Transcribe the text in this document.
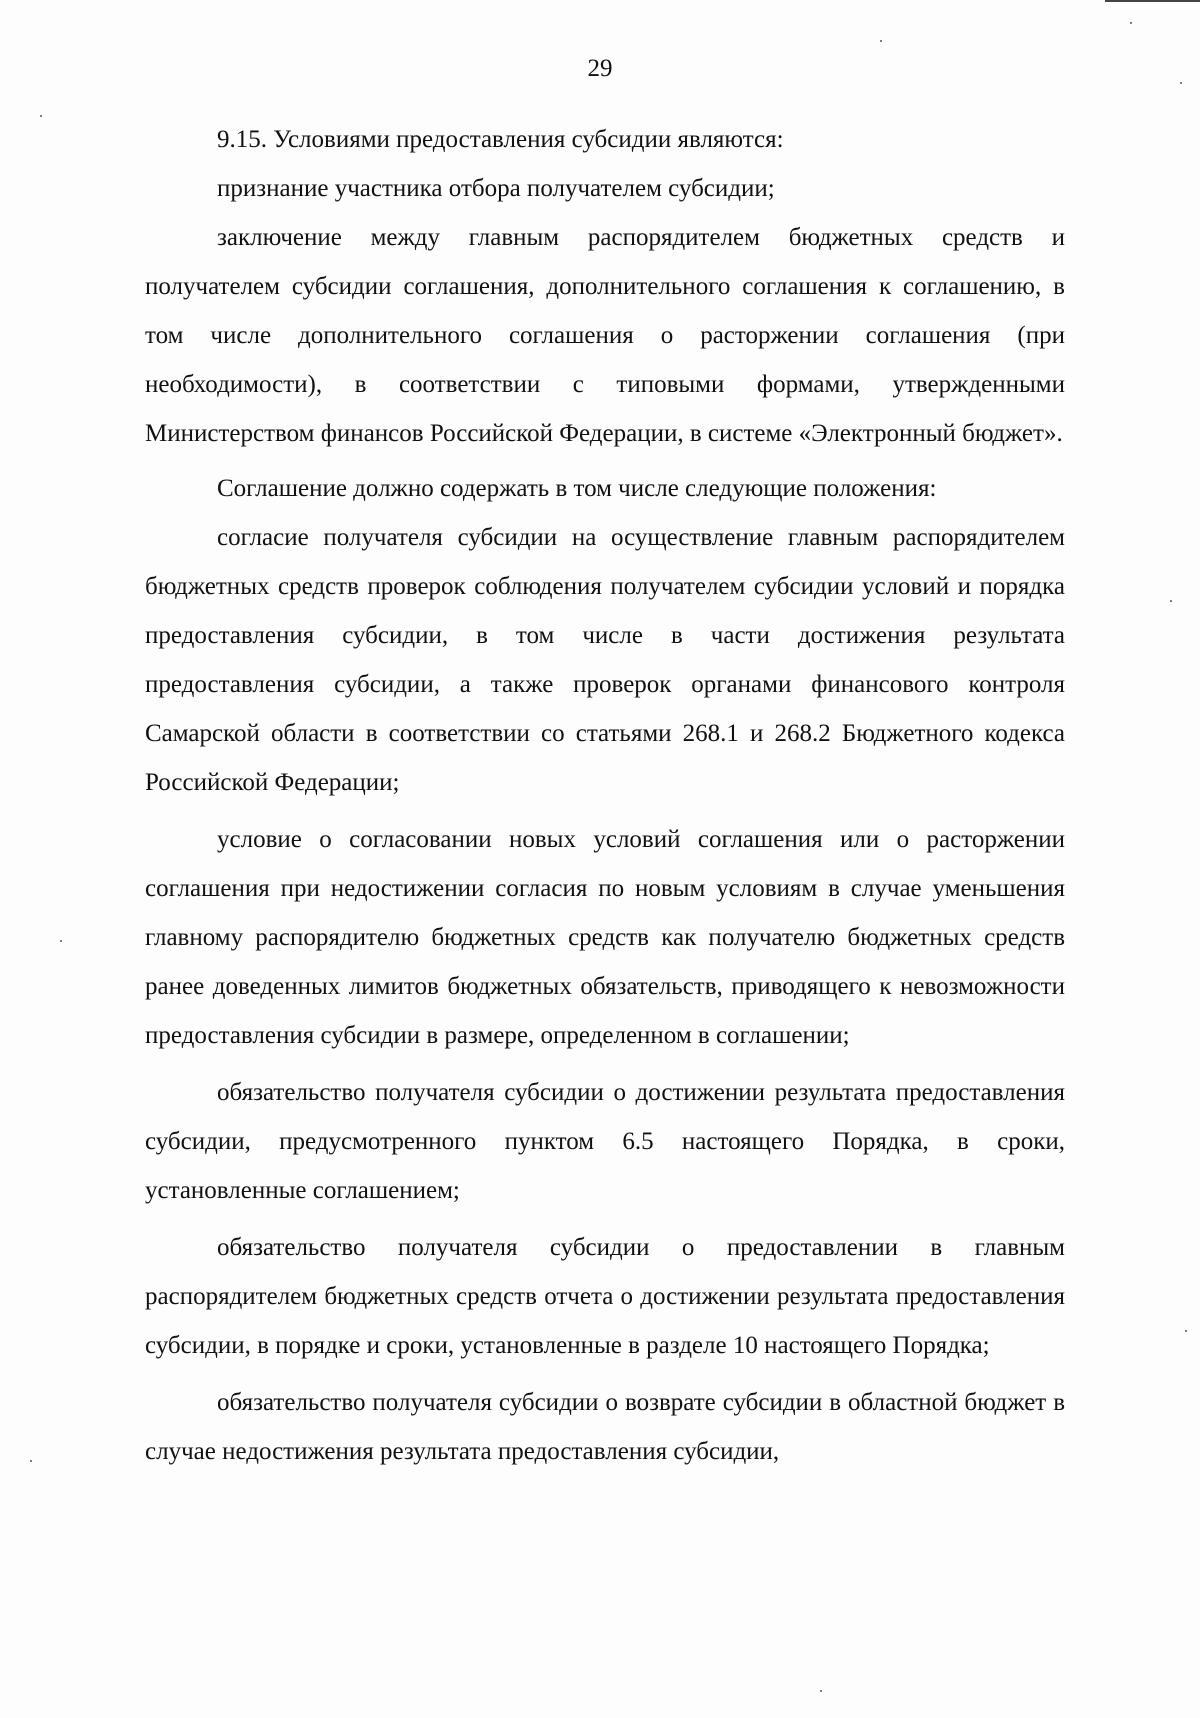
29

9.15. Условиями предоставления субсидии являются:

признание участника отбора получателем субсидии;

заключение между главным распорядителем бюджетных средств и получателем субсидии соглашения, дополнительного соглашения к соглашению, в том числе дополнительного соглашения о расторжении соглашения (при необходимости), в соответствии с типовыми формами, утвержденными Министерством финансов Российской Федерации, в системе «Электронный бюджет».

Соглашение должно содержать в том числе следующие положения:

согласие получателя субсидии на осуществление главным распорядителем бюджетных средств проверок соблюдения получателем субсидии условий и порядка предоставления субсидии, в том числе в части достижения результата предоставления субсидии, а также проверок органами финансового контроля Самарской области в соответствии со статьями 268.1 и 268.2 Бюджетного кодекса Российской Федерации;

условие о согласовании новых условий соглашения или о расторжении соглашения при недостижении согласия по новым условиям в случае уменьшения главному распорядителю бюджетных средств как получателю бюджетных средств ранее доведенных лимитов бюджетных обязательств, приводящего к невозможности предоставления субсидии в размере, определенном в соглашении;

обязательство получателя субсидии о достижении результата предоставления субсидии, предусмотренного пунктом 6.5 настоящего Порядка, в сроки, установленные соглашением;

обязательство получателя субсидии о предоставлении в главным распорядителем бюджетных средств отчета о достижении результата предоставления субсидии, в порядке и сроки, установленные в разделе 10 настоящего Порядка;

обязательство получателя субсидии о возврате субсидии в областной бюджет в случае недостижения результата предоставления субсидии,
